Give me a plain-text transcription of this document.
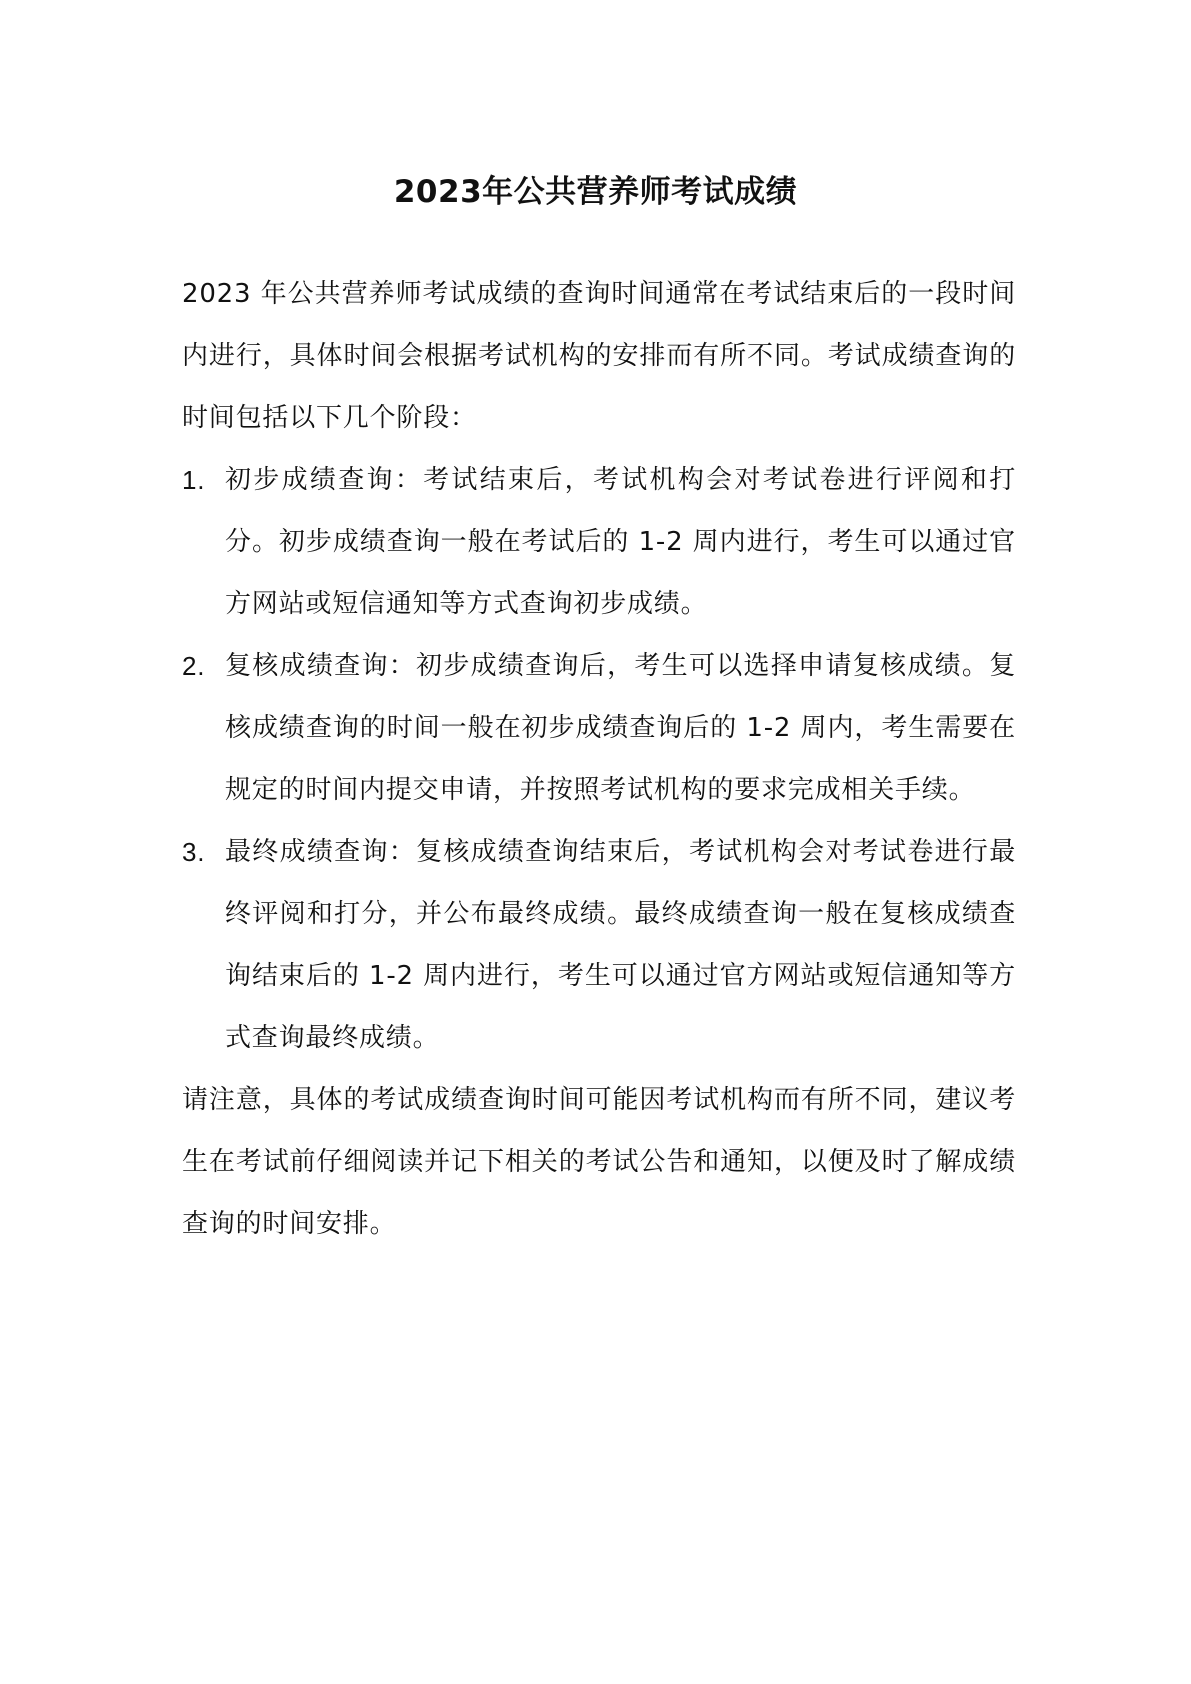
2023年公共营养师考试成绩

2023 年公共营养师考试成绩的查询时间通常在考试结束后的一段时间内进行，具体时间会根据考试机构的安排而有所不同。考试成绩查询的时间包括以下几个阶段：

1. 初步成绩查询：考试结束后，考试机构会对考试卷进行评阅和打分。初步成绩查询一般在考试后的 1-2 周内进行，考生可以通过官方网站或短信通知等方式查询初步成绩。
2. 复核成绩查询：初步成绩查询后，考生可以选择申请复核成绩。复核成绩查询的时间一般在初步成绩查询后的 1-2 周内，考生需要在规定的时间内提交申请，并按照考试机构的要求完成相关手续。
3. 最终成绩查询：复核成绩查询结束后，考试机构会对考试卷进行最终评阅和打分，并公布最终成绩。最终成绩查询一般在复核成绩查询结束后的 1-2 周内进行，考生可以通过官方网站或短信通知等方式查询最终成绩。

请注意，具体的考试成绩查询时间可能因考试机构而有所不同，建议考生在考试前仔细阅读并记下相关的考试公告和通知，以便及时了解成绩查询的时间安排。
